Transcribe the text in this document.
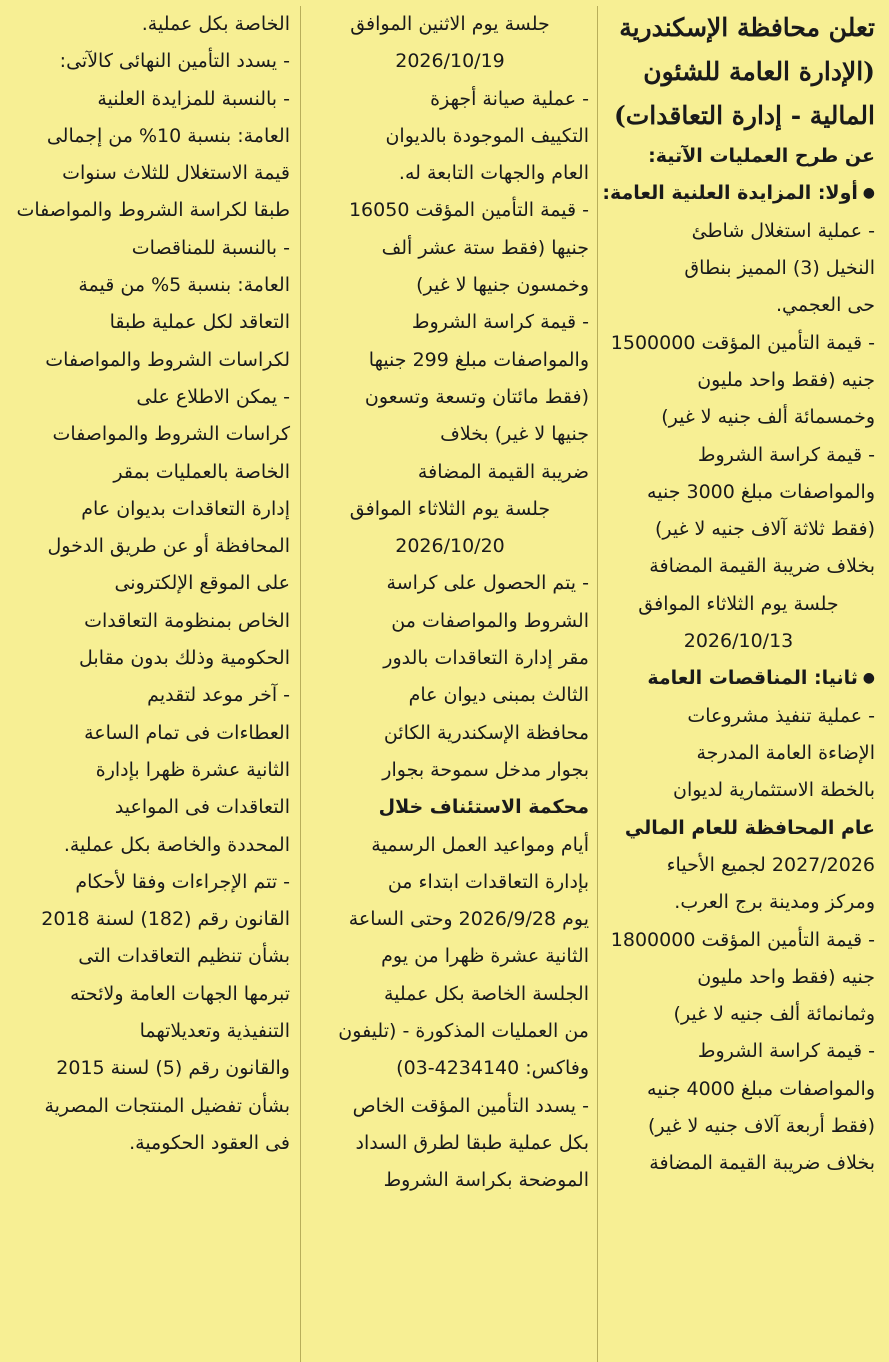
تعلن محافظة الإسكندرية
(الإدارة العامة للشئون
المالية - إدارة التعاقدات)
عن طرح العمليات الآتية:
● أولا: المزايدة العلنية العامة:
- عملية استغلال شاطئ
النخيل (3) المميز بنطاق
حى العجمي.
- قيمة التأمين المؤقت 1500000
جنيه (فقط واحد مليون
وخمسمائة ألف جنيه لا غير)
- قيمة كراسة الشروط
والمواصفات مبلغ 3000 جنيه
(فقط ثلاثة آلاف جنيه لا غير)
بخلاف ضريبة القيمة المضافة
جلسة يوم الثلاثاء الموافق
2026/10/13
● ثانيا: المناقصات العامة
- عملية تنفيذ مشروعات
الإضاءة العامة المدرجة
بالخطة الاستثمارية لديوان
عام المحافظة للعام المالي
2027/2026 لجميع الأحياء
ومركز ومدينة برج العرب.
- قيمة التأمين المؤقت 1800000
جنيه (فقط واحد مليون
وثمانمائة ألف جنيه لا غير)
- قيمة كراسة الشروط
والمواصفات مبلغ 4000 جنيه
(فقط أربعة آلاف جنيه لا غير)
بخلاف ضريبة القيمة المضافة
جلسة يوم الاثنين الموافق
2026/10/19
- عملية صيانة أجهزة
التكييف الموجودة بالديوان
العام والجهات التابعة له.
- قيمة التأمين المؤقت 16050
جنيها (فقط ستة عشر ألف
وخمسون جنيها لا غير)
- قيمة كراسة الشروط
والمواصفات مبلغ 299 جنيها
(فقط مائتان وتسعة وتسعون
جنيها لا غير) بخلاف
ضريبة القيمة المضافة
جلسة يوم الثلاثاء الموافق
2026/10/20
- يتم الحصول على كراسة
الشروط والمواصفات من
مقر إدارة التعاقدات بالدور
الثالث بمبنى ديوان عام
محافظة الإسكندرية الكائن
بجوار مدخل سموحة بجوار
محكمة الاستئناف خلال
أيام ومواعيد العمل الرسمية
بإدارة التعاقدات ابتداء من
يوم 2026/9/28 وحتى الساعة
الثانية عشرة ظهرا من يوم
الجلسة الخاصة بكل عملية
من العمليات المذكورة - (تليفون
وفاكس: 4234140-03)
- يسدد التأمين المؤقت الخاص
بكل عملية طبقا لطرق السداد
الموضحة بكراسة الشروط
الخاصة بكل عملية.
- يسدد التأمين النهائى كالآتى:
- بالنسبة للمزايدة العلنية
العامة: بنسبة 10% من إجمالى
قيمة الاستغلال للثلاث سنوات
طبقا لكراسة الشروط والمواصفات
- بالنسبة للمناقصات
العامة: بنسبة 5% من قيمة
التعاقد لكل عملية طبقا
لكراسات الشروط والمواصفات
- يمكن الاطلاع على
كراسات الشروط والمواصفات
الخاصة بالعمليات بمقر
إدارة التعاقدات بديوان عام
المحافظة أو عن طريق الدخول
على الموقع الإلكترونى
الخاص بمنظومة التعاقدات
الحكومية وذلك بدون مقابل
- آخر موعد لتقديم
العطاءات فى تمام الساعة
الثانية عشرة ظهرا بإدارة
التعاقدات فى المواعيد
المحددة والخاصة بكل عملية.
- تتم الإجراءات وفقا لأحكام
القانون رقم (182) لسنة 2018
بشأن تنظيم التعاقدات التى
تبرمها الجهات العامة ولائحته
التنفيذية وتعديلاتهما
والقانون رقم (5) لسنة 2015
بشأن تفضيل المنتجات المصرية
فى العقود الحكومية.
